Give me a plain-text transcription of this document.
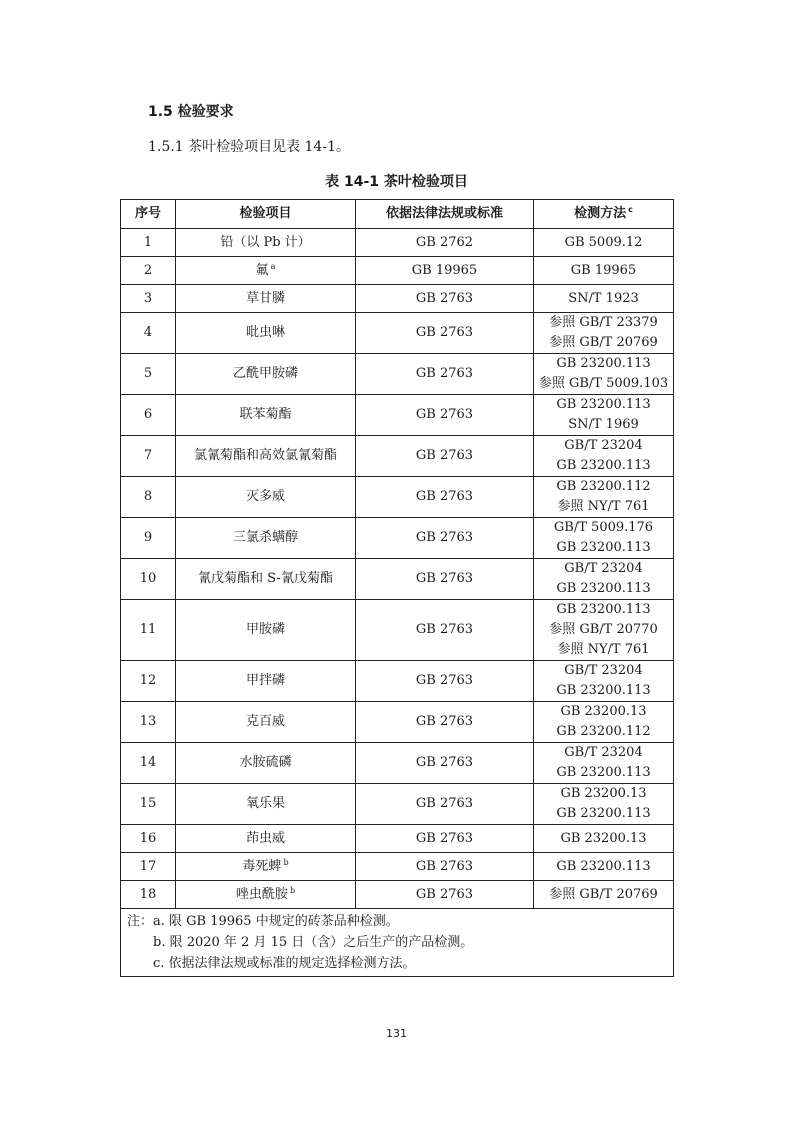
1.5 检验要求
1.5.1 茶叶检验项目见表 14-1。
表 14-1 茶叶检验项目
序号	检验项目	依据法律法规或标准	检测方法 $^c$
1	铅（以 Pb 计）	GB 2762	GB 5009.12

2	氟 $^a$	GB 19965	GB 19965

3	草甘膦	GB 2763	SN/T 1923

4	吡虫啉	GB 2763	参照 GB/T 23379
参照 GB/T 20769

5	乙酰甲胺磷	GB 2763	GB 23200.113
参照 GB/T 5009.103

6	联苯菊酯	GB 2763	GB 23200.113
SN/T 1969

7	氯氰菊酯和高效氯氰菊酯	GB 2763	GB/T 23204
GB 23200.113

8	灭多威	GB 2763	GB 23200.112
参照 NY/T 761

9	三氯杀螨醇	GB 2763	GB/T 5009.176
GB 23200.113

10	氰戊菊酯和 S-氰戊菊酯	GB 2763	GB/T 23204
GB 23200.113

11	甲胺磷	GB 2763	GB 23200.113
参照 GB/T 20770
参照 NY/T 761

12	甲拌磷	GB 2763	GB/T 23204
GB 23200.113

13	克百威	GB 2763	GB 23200.13
GB 23200.112

14	水胺硫磷	GB 2763	GB/T 23204
GB 23200.113

15	氧乐果	GB 2763	GB 23200.13
GB 23200.113

16	茚虫威	GB 2763	GB 23200.13

17	毒死蜱 $^b$	GB 2763	GB 23200.113

18	唑虫酰胺 $^b$	GB 2763	参照 GB/T 20769

注：a. 限 GB 19965 中规定的砖茶品种检测。
b. 限 2020 年 2 月 15 日（含）之后生产的产品检测。
c. 依据法律法规或标准的规定选择检测方法。			
131
